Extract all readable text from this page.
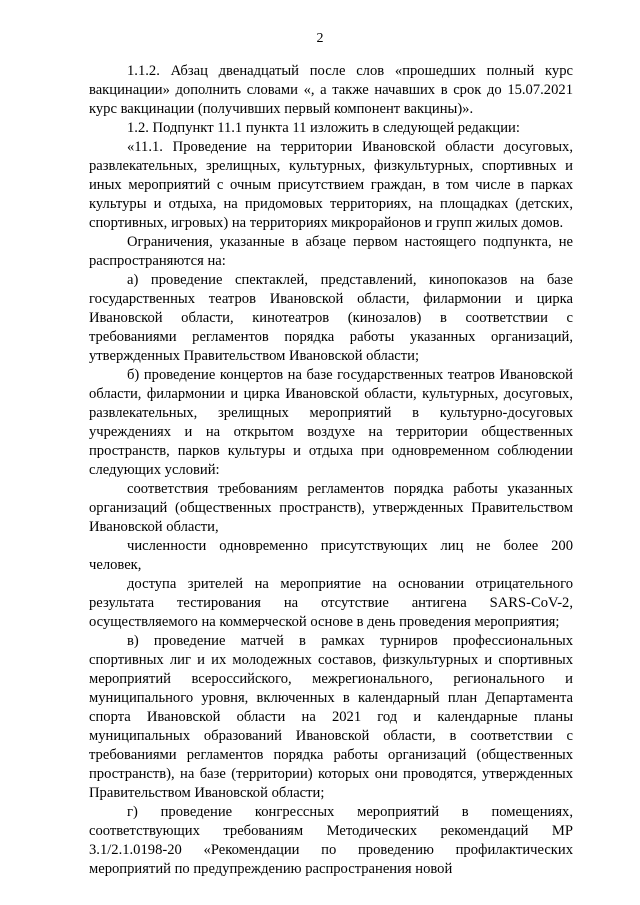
2

1.1.2. Абзац двенадцатый после слов «прошедших полный курс вакцинации» дополнить словами «, а также начавших в срок до 15.07.2021 курс вакцинации (получивших первый компонент вакцины)».

1.2. Подпункт 11.1 пункта 11 изложить в следующей редакции:

«11.1. Проведение на территории Ивановской области досуговых, развлекательных, зрелищных, культурных, физкультурных, спортивных и иных мероприятий с очным присутствием граждан, в том числе в парках культуры и отдыха, на придомовых территориях, на площадках (детских, спортивных, игровых) на территориях микрорайонов и групп жилых домов.

Ограничения, указанные в абзаце первом настоящего подпункта, не распространяются на:

а) проведение спектаклей, представлений, кинопоказов на базе государственных театров Ивановской области, филармонии и цирка Ивановской области, кинотеатров (кинозалов) в соответствии с требованиями регламентов порядка работы указанных организаций, утвержденных Правительством Ивановской области;

б) проведение концертов на базе государственных театров Ивановской области, филармонии и цирка Ивановской области, культурных, досуговых, развлекательных, зрелищных мероприятий в культурно-досуговых учреждениях и на открытом воздухе на территории общественных пространств, парков культуры и отдыха при одновременном соблюдении следующих условий:

соответствия требованиям регламентов порядка работы указанных организаций (общественных пространств), утвержденных Правительством Ивановской области,

численности одновременно присутствующих лиц не более 200 человек,

доступа зрителей на мероприятие на основании отрицательного результата тестирования на отсутствие антигена SARS-CoV-2, осуществляемого на коммерческой основе в день проведения мероприятия;

в) проведение матчей в рамках турниров профессиональных спортивных лиг и их молодежных составов, физкультурных и спортивных мероприятий всероссийского, межрегионального, регионального и муниципального уровня, включенных в календарный план Департамента спорта Ивановской области на 2021 год и календарные планы муниципальных образований Ивановской области, в соответствии с требованиями регламентов порядка работы организаций (общественных пространств), на базе (территории) которых они проводятся, утвержденных Правительством Ивановской области;

г) проведение конгрессных мероприятий в помещениях, соответствующих требованиям Методических рекомендаций МР 3.1/2.1.0198-20 «Рекомендации по проведению профилактических мероприятий по предупреждению распространения новой
